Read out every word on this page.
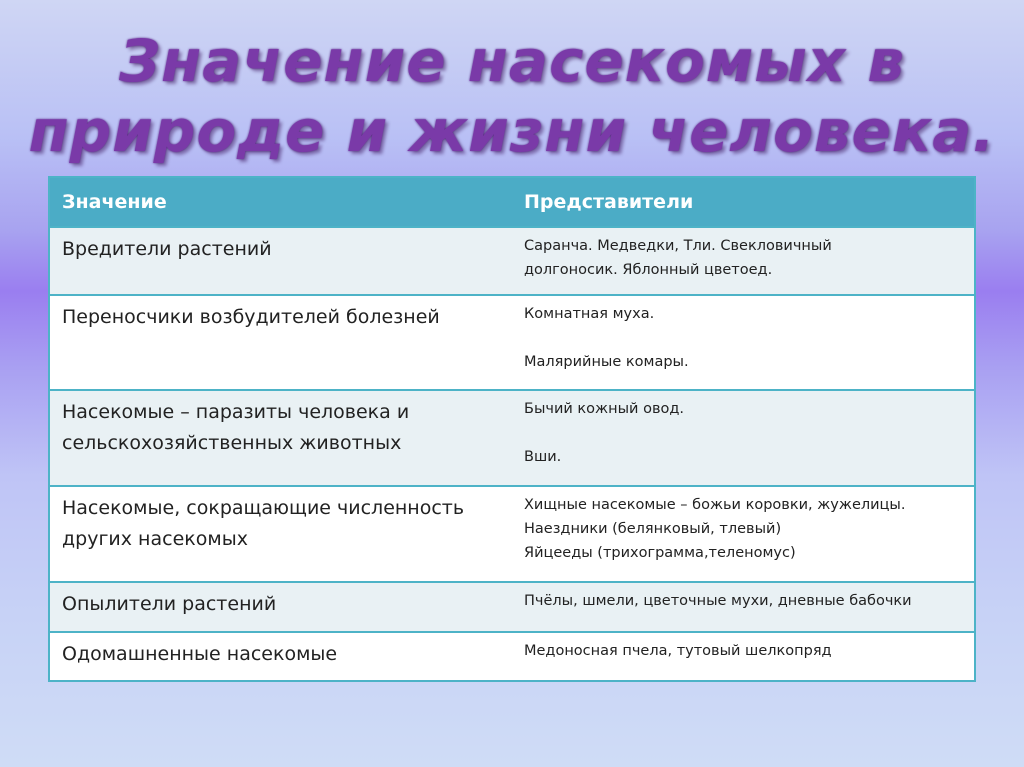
Значение насекомых в
природе и жизни человека.
Значение	Представители
Вредители растений	Саранча. Медведки, Тли. Свекловичный
долгоносик. Яблонный цветоед.

Переносчики возбудителей болезней	Комнатная муха.
Малярийные комары.

Насекомые – паразиты человека и сельскохозяйственных животных	Бычий кожный овод.
Вши.

Насекомые, сокращающие численность других насекомых	Хищные насекомые – божьи коровки, жужелицы.
Наездники (белянковый, тлевый)
Яйцееды (трихограмма,теленомус)

Опылители растений	Пчёлы, шмели, цветочные мухи, дневные бабочки

Одомашненные насекомые	Медоносная пчела, тутовый шелкопряд
